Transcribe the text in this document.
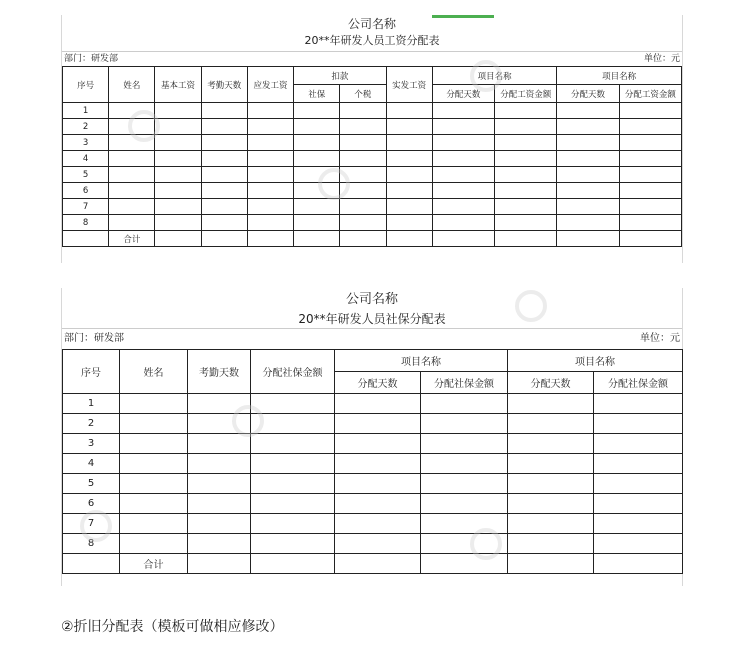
公司名称
20**年研发人员工资分配表
部门：研发部	单位：元
序号	姓名	基本工资	考勤天数	应发工资	扣款		实发工资	项目名称		项目名称	
					社保	个税		分配天数	分配工资金额	分配天数	分配工资金额
1											
2											
3											
4											
5											
6											
7											
8											
	合计										
公司名称
20**年研发人员社保分配表
部门：研发部	单位：元
序号	姓名	考勤天数	分配社保金额	项目名称		项目名称	
				分配天数	分配社保金额	分配天数	分配社保金额
1							
2							
3							
4							
5							
6							
7							
8							
	合计						
②折旧分配表（模板可做相应修改）
